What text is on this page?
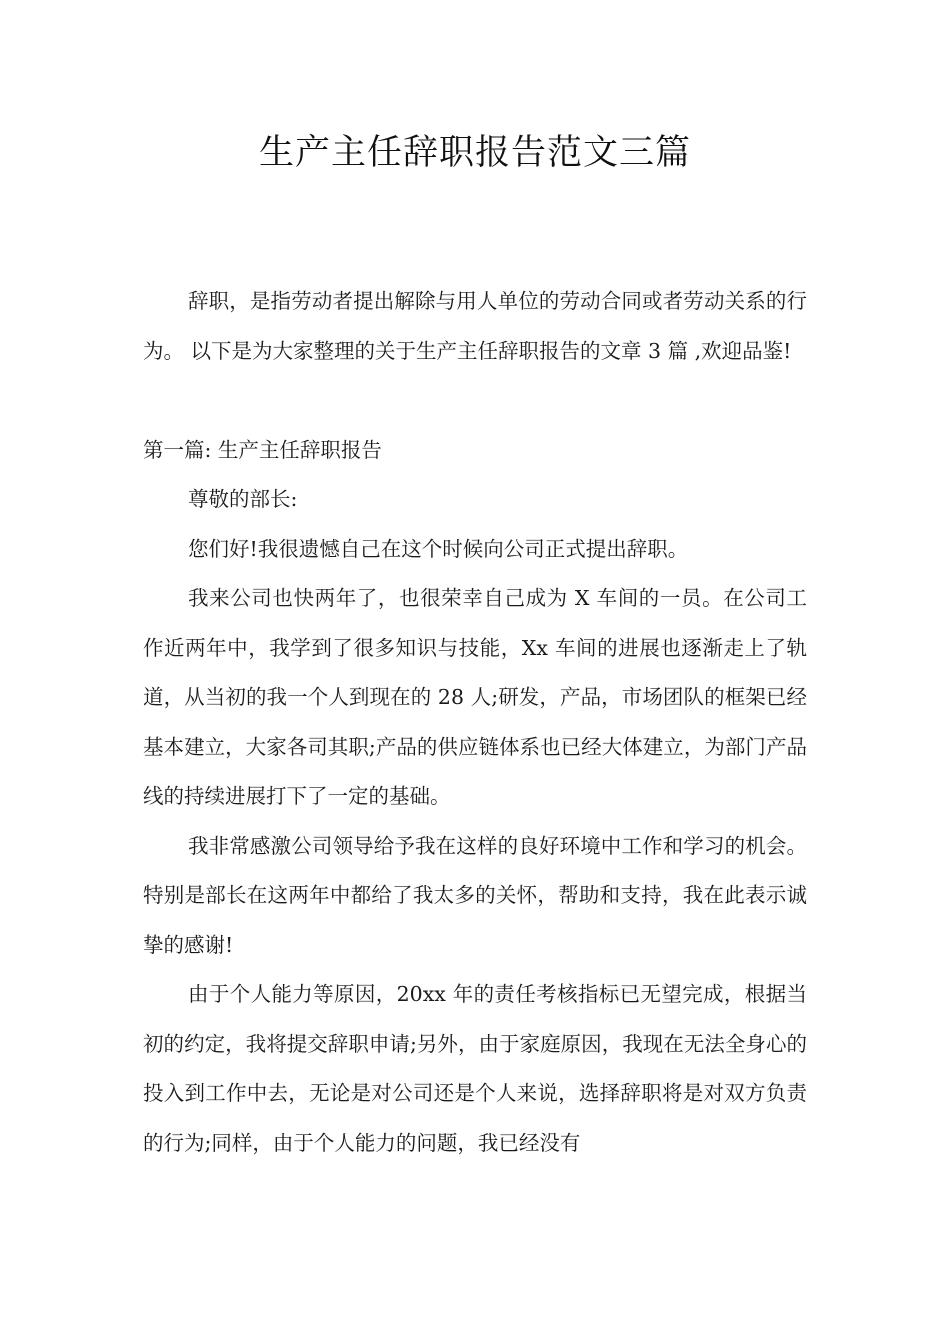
生产主任辞职报告范文三篇

辞职，是指劳动者提出解除与用人单位的劳动合同或者劳动关系的行为。 以下是为大家整理的关于生产主任辞职报告的文章 3 篇 ,欢迎品鉴!

第一篇: 生产主任辞职报告

尊敬的部长:

您们好!我很遗憾自己在这个时候向公司正式提出辞职。

我来公司也快两年了，也很荣幸自己成为 X 车间的一员。在公司工作近两年中，我学到了很多知识与技能，Xx 车间的进展也逐渐走上了轨道，从当初的我一个人到现在的 28 人;研发，产品，市场团队的框架已经基本建立，大家各司其职;产品的供应链体系也已经大体建立，为部门产品线的持续进展打下了一定的基础。

我非常感激公司领导给予我在这样的良好环境中工作和学习的机会。特别是部长在这两年中都给了我太多的关怀，帮助和支持，我在此表示诚挚的感谢!

由于个人能力等原因，20xx 年的责任考核指标已无望完成，根据当初的约定，我将提交辞职申请;另外，由于家庭原因，我现在无法全身心的投入到工作中去，无论是对公司还是个人来说，选择辞职将是对双方负责的行为;同样，由于个人能力的问题，我已经没有
